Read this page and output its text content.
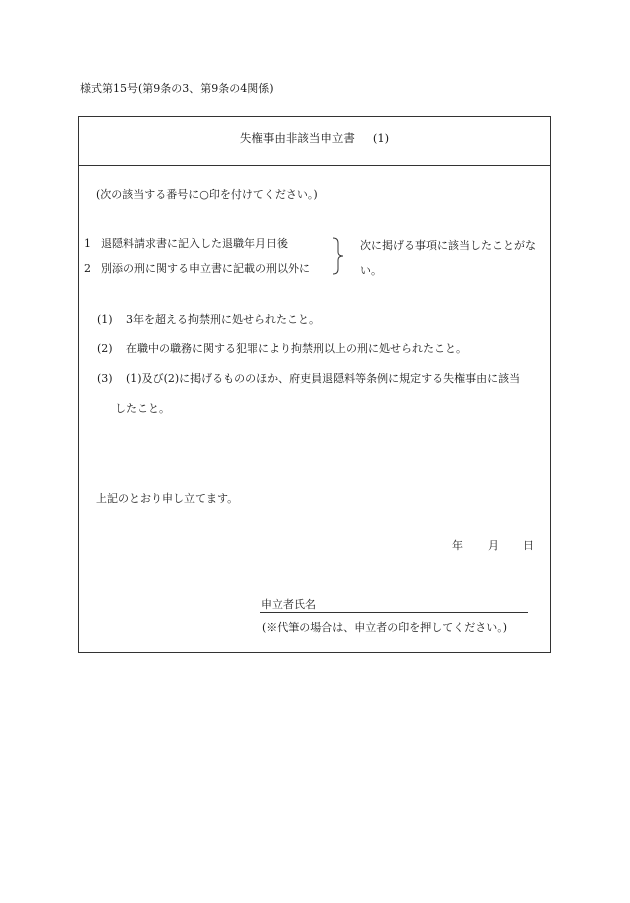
様式第15号(第9条の3、第9条の4関係)
失権事由非該当申立書 (1)
(次の該当する番号に○印を付けてください。)
1 退隠料請求書に記入した退職年月日後
2 別添の刑に関する申立書に記載の刑以外に
次に掲げる事項に該当したことがな
い。
(1) 3年を超える拘禁刑に処せられたこと。
(2) 在職中の職務に関する犯罪により拘禁刑以上の刑に処せられたこと。
(3) (1)及び(2)に掲げるもののほか、府吏員退隠料等条例に規定する失権事由に該当
したこと。
上記のとおり申し立てます。
年 月 日
申立者氏名
(※代筆の場合は、申立者の印を押してください。)
